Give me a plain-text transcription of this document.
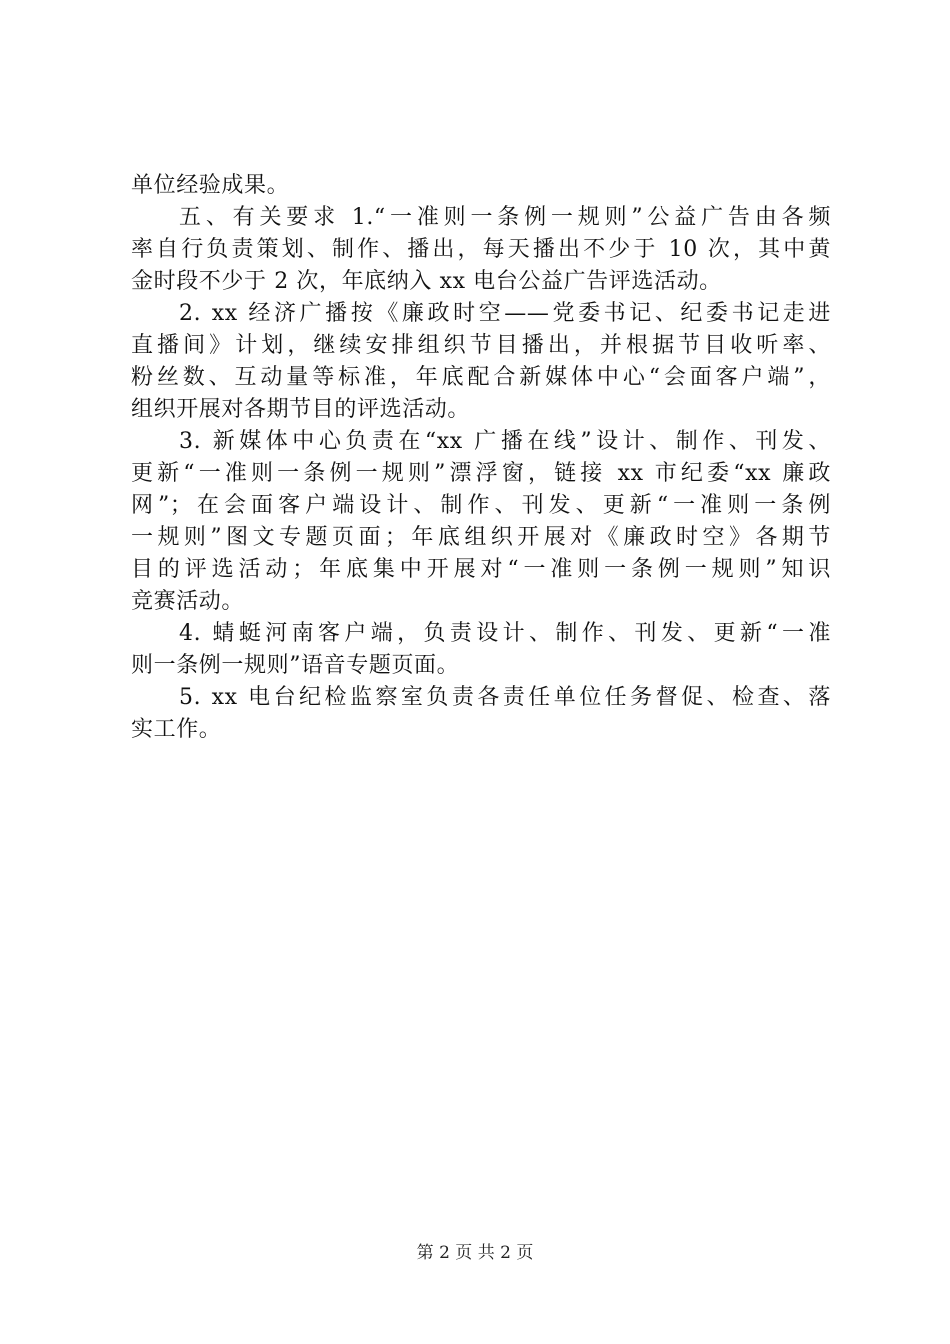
单位经验成果。
五、有关要求 1.“一准则一条例一规则”公益广告由各频
率自行负责策划、制作、播出，每天播出不少于 10 次，其中黄
金时段不少于 2 次，年底纳入 xx 电台公益广告评选活动。
2. xx 经济广播按《廉政时空——党委书记、纪委书记走进
直播间》计划，继续安排组织节目播出，并根据节目收听率、
粉丝数、互动量等标准，年底配合新媒体中心“会面客户端”，
组织开展对各期节目的评选活动。
3. 新媒体中心负责在“xx 广播在线”设计、制作、刊发、
更新“一准则一条例一规则”漂浮窗，链接 xx 市纪委“xx 廉政
网”；在会面客户端设计、制作、刊发、更新“一准则一条例
一规则”图文专题页面；年底组织开展对《廉政时空》各期节
目的评选活动；年底集中开展对“一准则一条例一规则”知识
竞赛活动。
4. 蜻蜓河南客户端，负责设计、制作、刊发、更新“一准
则一条例一规则”语音专题页面。
5. xx 电台纪检监察室负责各责任单位任务督促、检查、落
实工作。
第 2 页 共 2 页
